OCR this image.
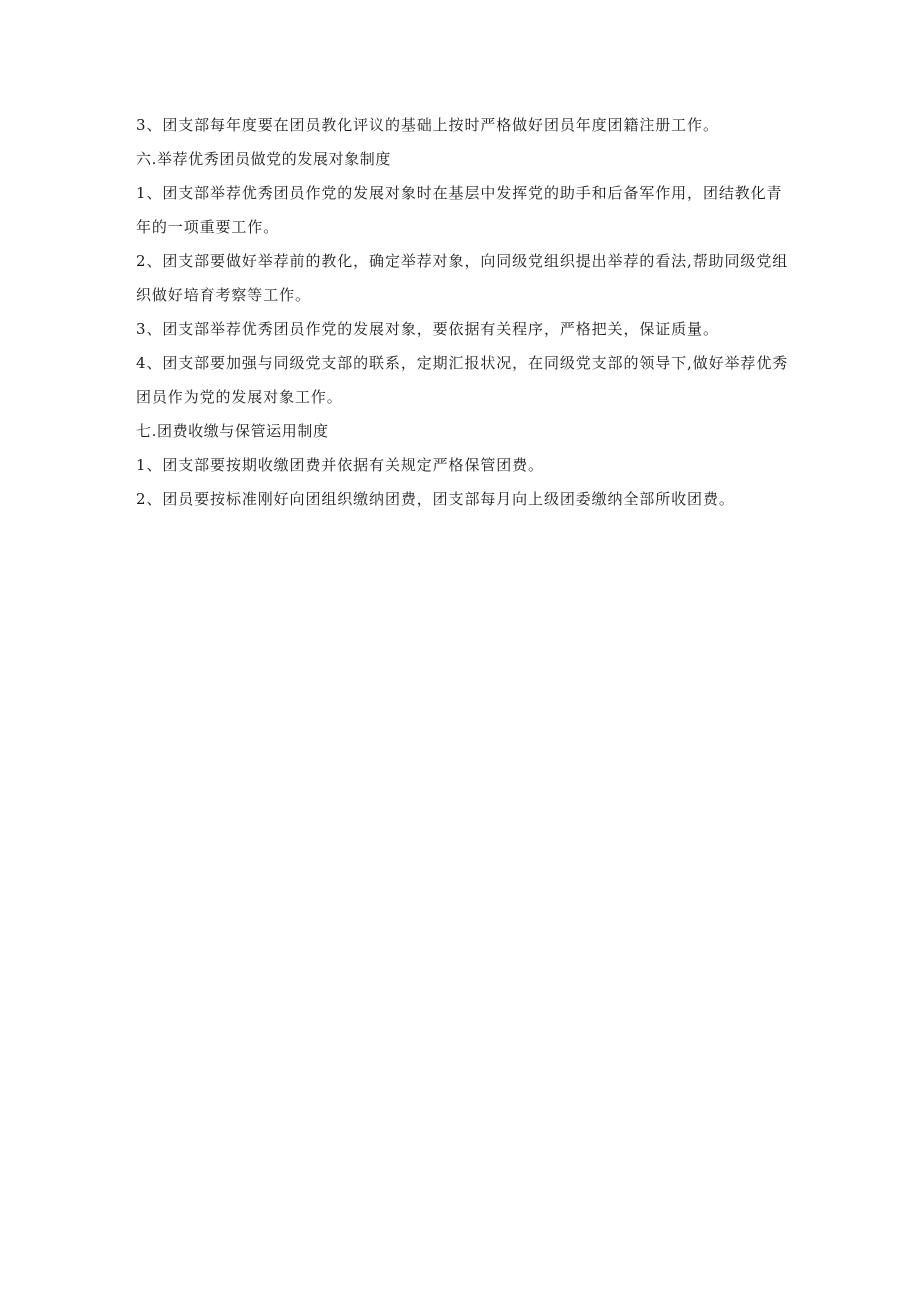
3、团支部每年度要在团员教化评议的基础上按时严格做好团员年度团籍注册工作。

六.举荐优秀团员做党的发展对象制度

1、团支部举荐优秀团员作党的发展对象时在基层中发挥党的助手和后备军作用，团结教化青年的一项重要工作。

2、团支部要做好举荐前的教化，确定举荐对象，向同级党组织提出举荐的看法,帮助同级党组织做好培育考察等工作。

3、团支部举荐优秀团员作党的发展对象，要依据有关程序，严格把关，保证质量。

4、团支部要加强与同级党支部的联系，定期汇报状况，在同级党支部的领导下,做好举荐优秀团员作为党的发展对象工作。

七.团费收缴与保管运用制度

1、团支部要按期收缴团费并依据有关规定严格保管团费。

2、团员要按标准刚好向团组织缴纳团费，团支部每月向上级团委缴纳全部所收团费。
